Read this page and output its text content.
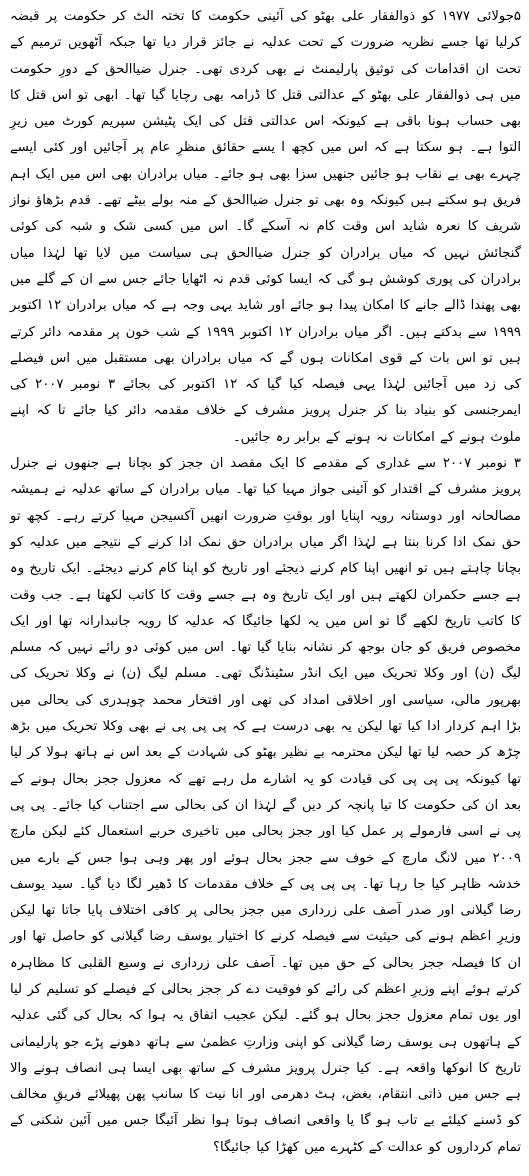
۵جولائی ۱۹۷۷ کو ذوالفقار علی بھٹو کی آئینی حکومت کا تختہ الٹ کر حکومت پر قبضہ کرلیا تھا جسے نظریہ ضرورت کے تحت عدلیہ نے جائز قرار دیا تھا جبکہ آٹھویں ترمیم کے تحت ان اقدامات کی توثیق پارلیمنٹ نے بھی کردی تھی۔ جنرل ضیاالحق کے دورِ حکومت میں ہی ذوالفقار علی بھٹو کے عدالتی قتل کا ڈرامہ بھی رچایا گیا تھا۔ ابھی تو اس قتل کا بھی حساب ہونا باقی ہے کیونکہ اس عدالتی قتل کی ایک پٹیشن سپریم کورٹ میں زیرِ التوا ہے۔ ہو سکتا ہے کہ اس میں کچھ ا یسے حقائق منظرِ عام پر آجائیں اور کئی ایسے چہرے بھی بے نقاب ہو جائیں جنھیں سزا بھی ہو جائے۔ میاں برادران بھی اس میں ایک اہم فریق ہو سکتے ہیں کیونکہ وہ بھی تو جنرل ضیاالحق کے منہ بولے بیٹے تھے۔ قدم بڑھاؤ نواز شریف کا نعرہ شاید اس وقت کام نہ آسکے گا۔ اس میں کسی شک و شبہ کی کوئی گنجائش نہیں کہ میاں برادران کو جنرل ضیاالحق ہی سیاست میں لایا تھا لہٰذا میاں برادران کی پوری کوشش ہو گی کہ ایسا کوئی قدم نہ اٹھایا جائے جس سے ان کے گلے میں بھی پھندا ڈالے جانے کا امکان پیدا ہو جائے اور شاید یہی وجہ ہے کہ میاں برادران ۱۲ اکتوبر ۱۹۹۹ سے بدکتے ہیں۔ اگر میاں برادران ۱۲ اکتوبر ۱۹۹۹ کے شب خون پر مقدمہ دائر کرتے ہیں تو اس بات کے قوی امکانات ہوں گے کہ میاں برادران بھی مستقبل میں اس فیصلے کی زد میں آجائیں لہٰذا یہی فیصلہ کیا گیا کہ ۱۲ اکتوبر کی بجائے ۳ نومبر ۲۰۰۷ کی ایمرجنسی کو بنیاد بنا کر جنرل پرویز مشرف کے خلاف مقدمہ دائر کیا جائے تا کہ اپنے ملوث ہونے کے امکانات نہ ہونے کے برابر رہ جائیں۔

۳ نومبر ۲۰۰۷ سے غداری کے مقدمے کا ایک مقصد ان ججز کو بچانا ہے جنھوں نے جنرل پرویز مشرف کے اقتدار کو آئینی جواز مہیا کیا تھا۔ میاں برادران کے ساتھ عدلیہ نے ہمیشہ مصالحانہ اور دوستانہ رویہ اپنایا اور بوقتِ ضرورت انھیں آکسیجن مہیا کرتے رہے۔ کچھ تو حق نمک ادا کرنا بنتا ہے لہٰذا اگر میاں برادران حق نمک ادا کرنے کے نتیجے میں عدلیہ کو بچانا چاہتے ہیں تو انھیں اپنا کام کرنے دیجئے اور تاریخ کو اپنا کام کرنے دیجئے۔ ایک تاریخ وہ ہے جسے حکمران لکھتے ہیں اور ایک تاریخ وہ ہے جسے وقت کا کاتب لکھتا ہے۔ جب وقت کا کاتب تاریخ لکھے گا تو اس میں یہ لکھا جائیگا کہ عدلیہ کا رویہ جانبدارانہ تھا اور ایک مخصوص فریق کو جان بوجھ کر نشانہ بنایا گیا تھا۔ اس میں کوئی دو رائے نہیں کہ مسلم لیگ (ن) اور وکلا تحریک میں ایک انڈر سٹینڈنگ تھی۔ مسلم لیگ (ن) نے وکلا تحریک کی بھرپور مالی، سیاسی اور اخلاقی امداد کی تھی اور افتخار محمد چوہدری کی بحالی میں بڑا اہم کردار ادا کیا تھا لیکن یہ بھی درست ہے کہ پی پی پی نے بھی وکلا تحریک میں بڑھ چڑھ کر حصہ لیا تھا لیکن محترمہ بے نظیر بھٹو کی شہادت کے بعد اس نے ہاتھ ہولا کر لیا تھا کیونکہ پی پی پی کی قیادت کو یہ اشارے مل رہے تھے کہ معزول ججز بحال ہونے کے بعد ان کی حکومت کا تیا پانچہ کر دیں گے لہٰذا ان کی بحالی سے اجتناب کیا جائے۔ پی پی پی نے اسی فارمولے پر عمل کیا اور ججز بحالی میں تاخیری حربے استعمال کئے لیکن مارچ ۲۰۰۹ میں لانگ مارچ کے خوف سے ججز بحال ہوئے اور پھر وہی ہوا جس کے بارے میں خدشہ ظاہر کیا جا رہا تھا۔ پی پی پی کے خلاف مقدمات کا ڈھیر لگا دیا گیا۔ سید یوسف رضا گیلانی اور صدر آصف علی زرداری میں ججز بحالی پر کافی اختلاف پایا جاتا تھا لیکن وزیرِ اعظم ہونے کی حیثیت سے فیصلہ کرنے کا اختیار یوسف رضا گیلانی کو حاصل تھا اور ان کا فیصلہ ججز بحالی کے حق میں تھا۔ آصف علی زرداری نے وسیع القلبی کا مظاہرہ کرتے ہوئے اپنے وزیرِ اعظم کی رائے کو فوقیت دے کر ججز بحالی کے فیصلے کو تسلیم کر لیا اور یوں تمام معزول ججز بحال ہو گئے۔ لیکن عجیب اتفاق یہ ہوا کہ بحال کی گئی عدلیہ کے ہاتھوں ہی یوسف رضا گیلانی کو اپنی وزارتِ عظمیٰ سے ہاتھ دھونے پڑے جو پارلیمانی تاریخ کا انوکھا واقعہ ہے۔ کیا جنرل پرویز مشرف کے ساتھ بھی ایسا ہی انصاف ہونے والا ہے جس میں ذاتی انتقام، بغض، ہٹ دھرمی اور انا نیت کا سانپ پھن پھیلائے فریقِ مخالف کو ڈسنے کیلئے بے تاب ہو گا یا واقعی انصاف ہوتا ہوا نظر آئیگا جس میں آئین شکنی کے تمام کرداروں کو عدالت کے کٹہرے میں کھڑا کیا جائیگا؟
